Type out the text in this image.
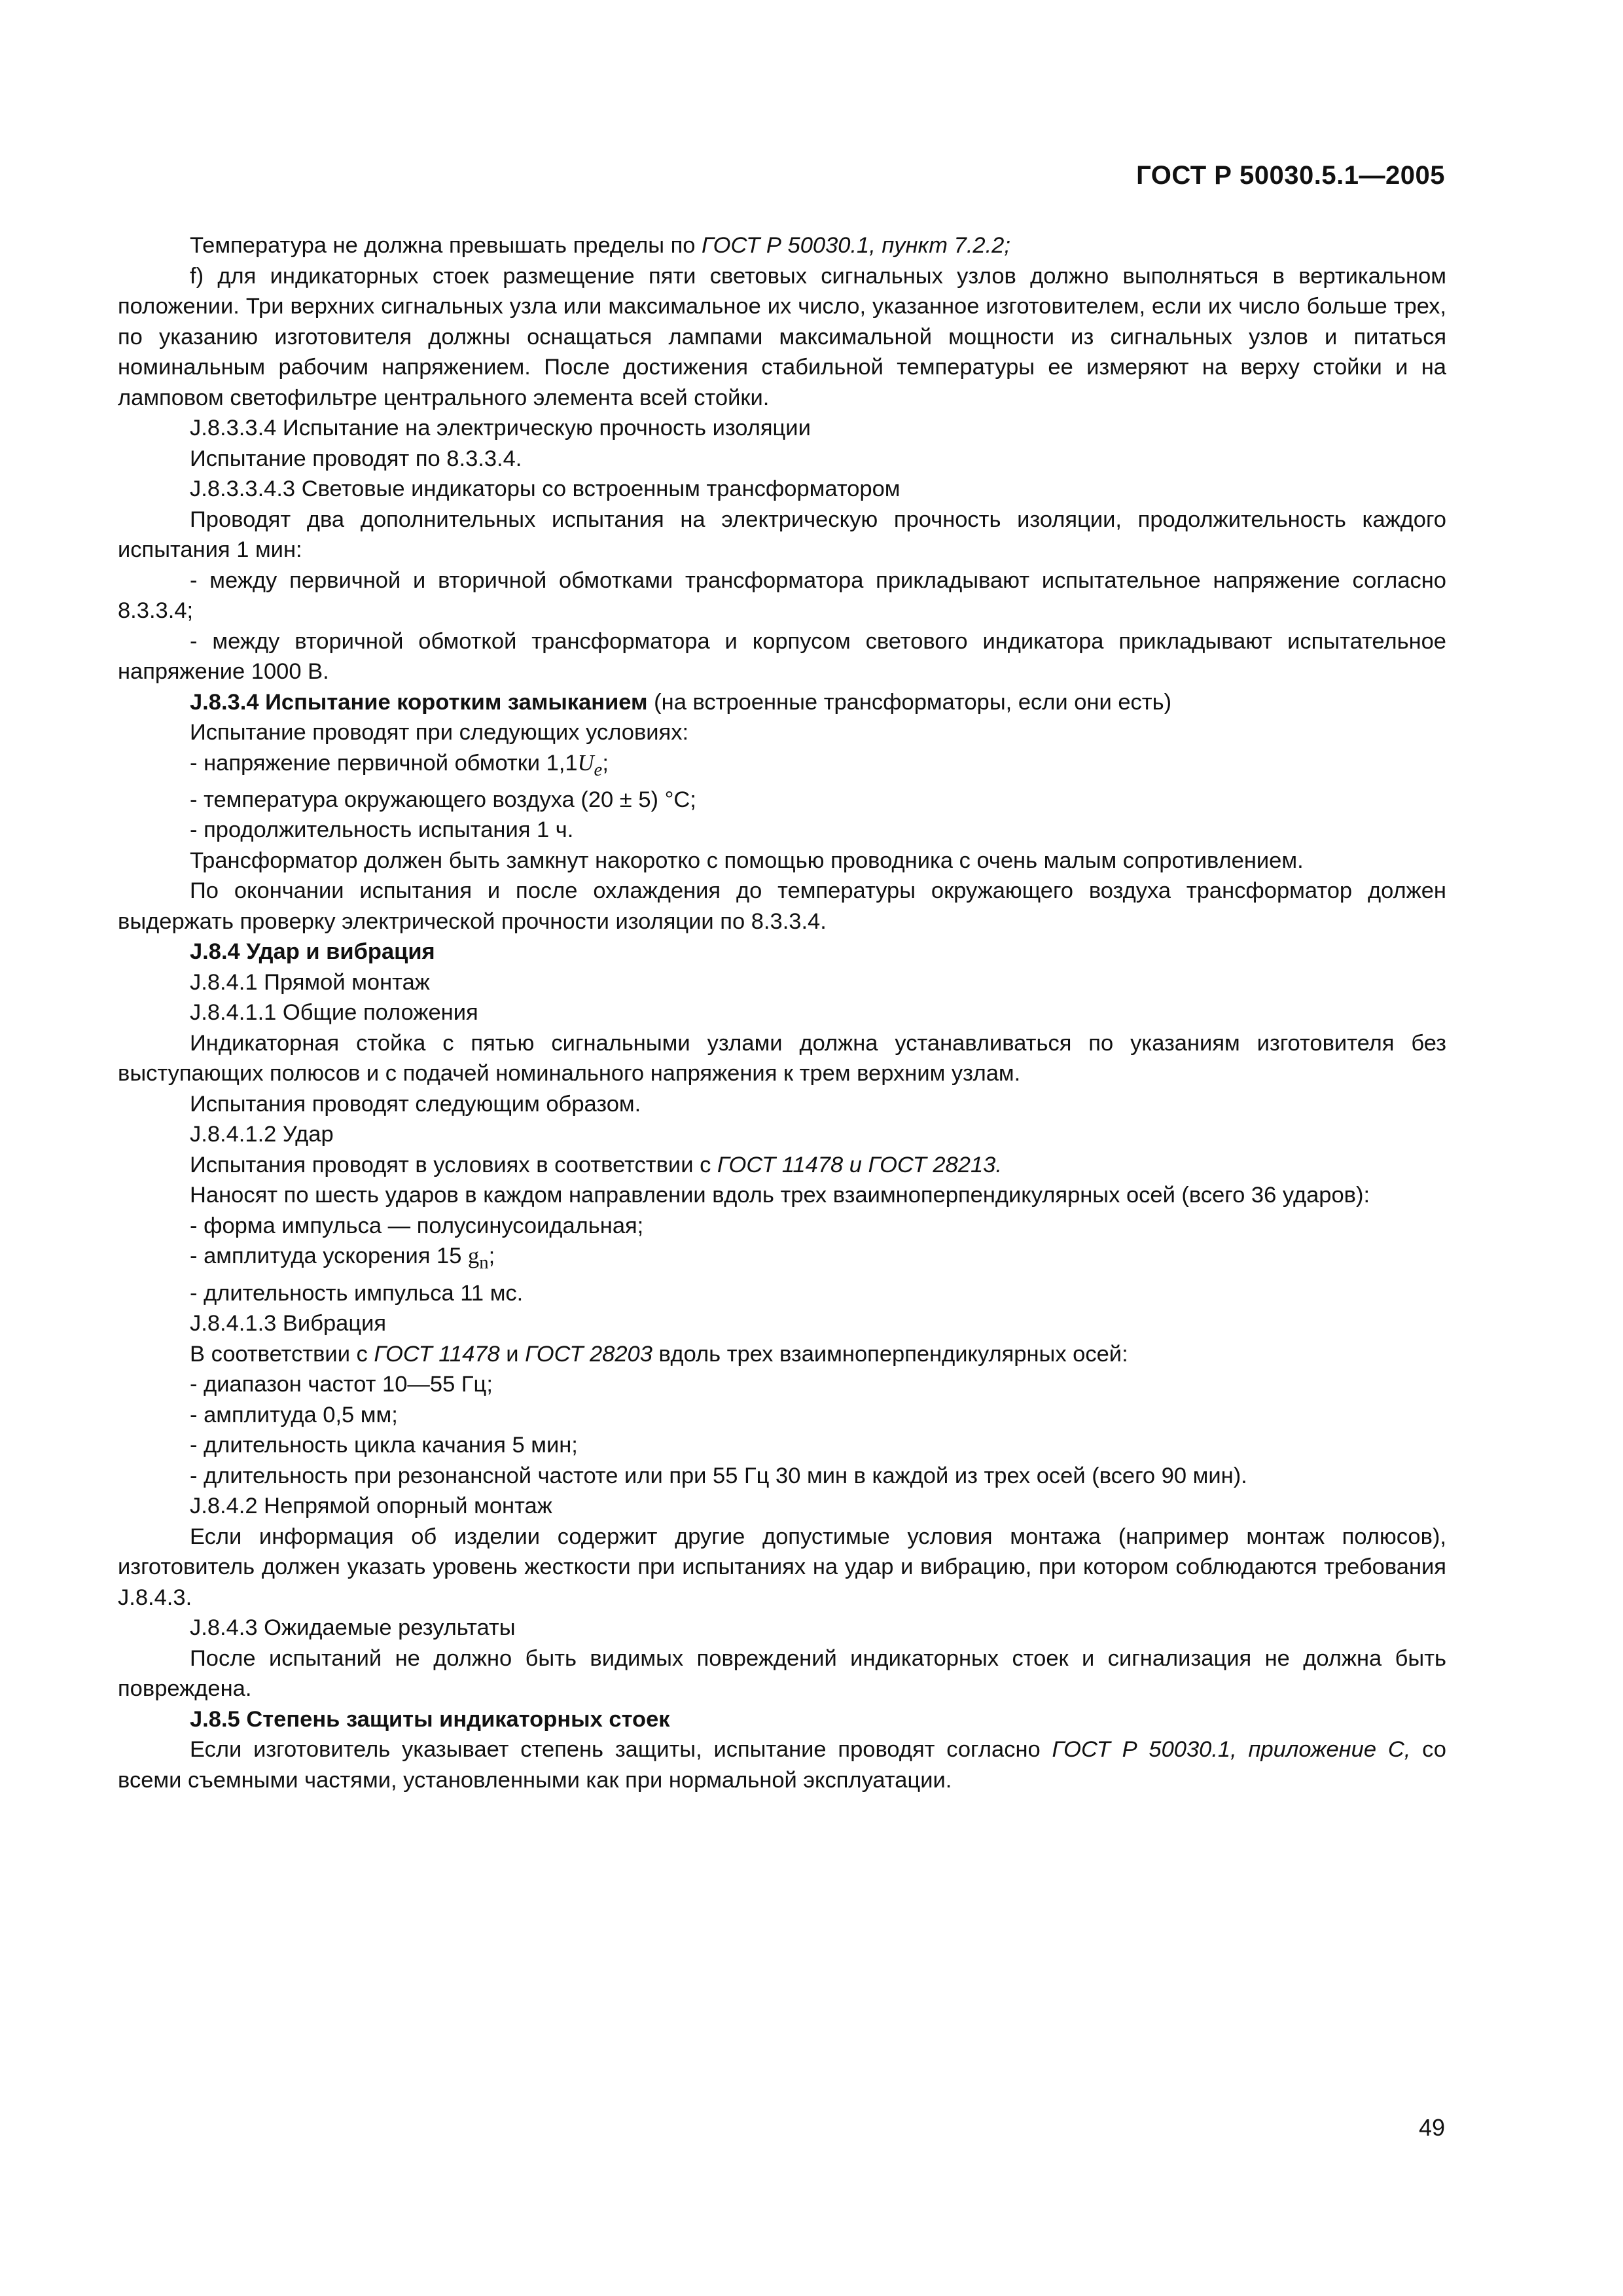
ГОСТ Р 50030.5.1—2005

Температура не должна превышать пределы по ГОСТ Р 50030.1, пункт 7.2.2;

f) для индикаторных стоек размещение пяти световых сигнальных узлов должно выполняться в вертикальном положении. Три верхних сигнальных узла или максимальное их число, указанное изготовителем, если их число больше трех, по указанию изготовителя должны оснащаться лампами максимальной мощности из сигнальных узлов и питаться номинальным рабочим напряжением. После достижения стабильной температуры ее измеряют на верху стойки и на ламповом светофильтре центрального элемента всей стойки.

J.8.3.3.4 Испытание на электрическую прочность изоляции

Испытание проводят по 8.3.3.4.

J.8.3.3.4.3 Световые индикаторы со встроенным трансформатором

Проводят два дополнительных испытания на электрическую прочность изоляции, продолжительность каждого испытания 1 мин:

- между первичной и вторичной обмотками трансформатора прикладывают испытательное напряжение согласно 8.3.3.4;

- между вторичной обмоткой трансформатора и корпусом светового индикатора прикладывают испытательное напряжение 1000 В.

J.8.3.4 Испытание коротким замыканием (на встроенные трансформаторы, если они есть)

Испытание проводят при следующих условиях:

- напряжение первичной обмотки $1,1U_e$;

- температура окружающего воздуха (20 ± 5) °С;

- продолжительность испытания 1 ч.

Трансформатор должен быть замкнут накоротко с помощью проводника с очень малым сопротивлением.

По окончании испытания и после охлаждения до температуры окружающего воздуха трансформатор должен выдержать проверку электрической прочности изоляции по 8.3.3.4.

J.8.4 Удар и вибрация

J.8.4.1 Прямой монтаж

J.8.4.1.1 Общие положения

Индикаторная стойка с пятью сигнальными узлами должна устанавливаться по указаниям изготовителя без выступающих полюсов и с подачей номинального напряжения к трем верхним узлам.

Испытания проводят следующим образом.

J.8.4.1.2 Удар

Испытания проводят в условиях в соответствии с ГОСТ 11478 и ГОСТ 28213.

Наносят по шесть ударов в каждом направлении вдоль трех взаимноперпендикулярных осей (всего 36 ударов):

- форма импульса — полусинусоидальная;

- амплитуда ускорения 15 $g_n$;

- длительность импульса 11 мс.

J.8.4.1.3 Вибрация

В соответствии с ГОСТ 11478 и ГОСТ 28203 вдоль трех взаимноперпендикулярных осей:

- диапазон частот 10—55 Гц;

- амплитуда 0,5 мм;

- длительность цикла качания 5 мин;

- длительность при резонансной частоте или при 55 Гц 30 мин в каждой из трех осей (всего 90 мин).

J.8.4.2 Непрямой опорный монтаж

Если информация об изделии содержит другие допустимые условия монтажа (например монтаж полюсов), изготовитель должен указать уровень жесткости при испытаниях на удар и вибрацию, при котором соблюдаются требования J.8.4.3.

J.8.4.3 Ожидаемые результаты

После испытаний не должно быть видимых повреждений индикаторных стоек и сигнализация не должна быть повреждена.

J.8.5 Степень защиты индикаторных стоек

Если изготовитель указывает степень защиты, испытание проводят согласно ГОСТ Р 50030.1, приложение С, со всеми съемными частями, установленными как при нормальной эксплуатации.

49
